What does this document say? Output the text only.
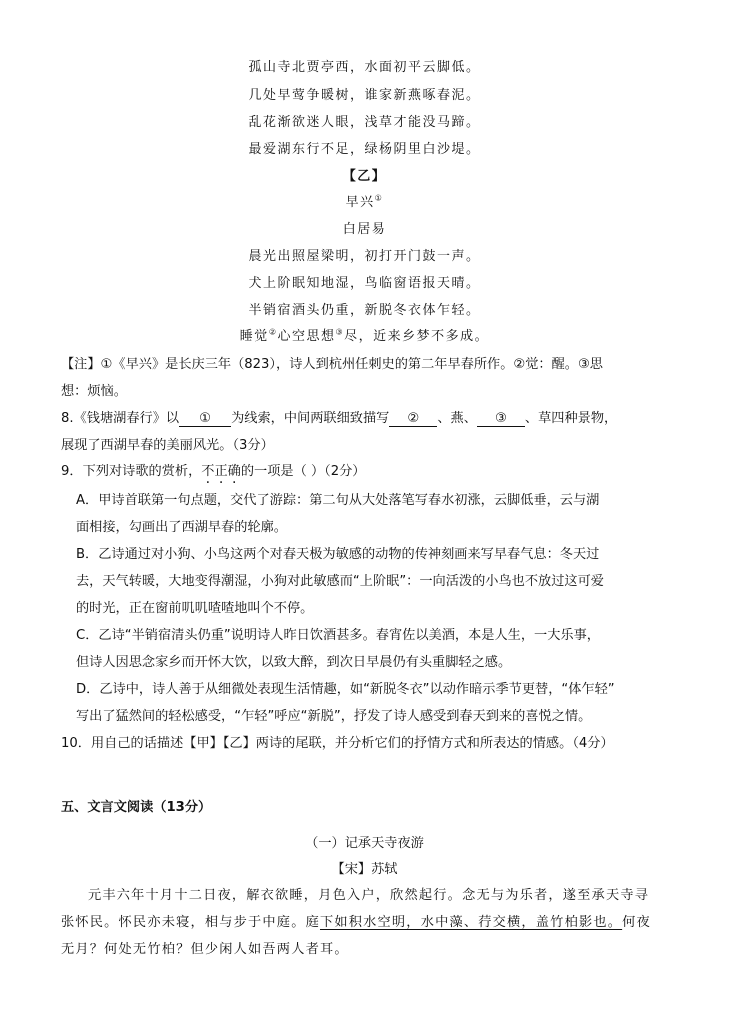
孤山寺北贾亭西，水面初平云脚低。
几处早莺争暖树，谁家新燕啄春泥。
乱花渐欲迷人眼，浅草才能没马蹄。
最爱湖东行不足，绿杨阴里白沙堤。
【乙】
早兴①
白居易
晨光出照屋梁明，初打开门鼓一声。
犬上阶眠知地湿，鸟临窗语报天晴。
半销宿酒头仍重，新脱冬衣体乍轻。
睡觉②心空思想③尽，近来乡梦不多成。
【注】①《早兴》是长庆三年（823），诗人到杭州任刺史的第二年早春所作。②觉：醒。③思
想：烦恼。
8.《钱塘湖春行》以 ① 为线索，中间两联细致描写 ② 、燕、 ③ 、草四种景物，
展现了西湖早春的美丽风光。（3分）
9．下列对诗歌的赏析，不正确的一项是（ ）（2分）
A．甲诗首联第一句点题，交代了游踪：第二句从大处落笔写春水初涨，云脚低垂，云与湖
面相接，勾画出了西湖早春的轮廓。
B．乙诗通过对小狗、小鸟这两个对春天极为敏感的动物的传神刻画来写早春气息：冬天过
去，天气转暖，大地变得潮湿，小狗对此敏感而“上阶眠”：一向活泼的小鸟也不放过这可爱
的时光，正在窗前叽叽喳喳地叫个不停。
C．乙诗“半销宿清头仍重”说明诗人昨日饮酒甚多。春宵佐以美酒，本是人生，一大乐事，
但诗人因思念家乡而开怀大饮，以致大醉，到次日早晨仍有头重脚轻之感。
D．乙诗中，诗人善于从细微处表现生活情趣，如“新脱冬衣”以动作暗示季节更替，“体乍轻”
写出了猛然间的轻松感受，“乍轻”呼应“新脱”，抒发了诗人感受到春天到来的喜悦之情。
10．用自己的话描述【甲】【乙】两诗的尾联，并分析它们的抒情方式和所表达的情感。（4分）
五、文言文阅读（13分）
（一）记承天寺夜游
【宋】苏轼
元丰六年十月十二日夜，解衣欲睡，月色入户，欣然起行。念无与为乐者，遂至承天寺寻
张怀民。怀民亦未寝，相与步于中庭。庭下如积水空明，水中藻、荇交横，盖竹柏影也。何夜
无月？何处无竹柏？但少闲人如吾两人者耳。
